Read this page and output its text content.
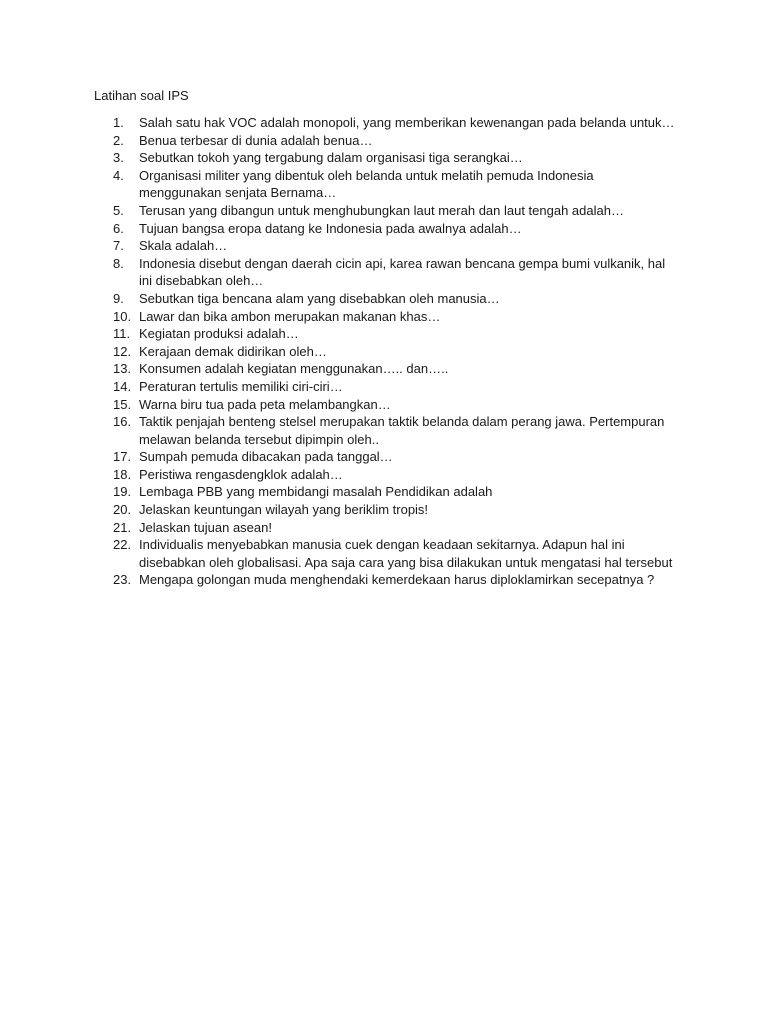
Latihan soal IPS
1. Salah satu hak VOC adalah monopoli, yang memberikan kewenangan pada belanda untuk…
2. Benua terbesar di dunia adalah benua…
3. Sebutkan tokoh yang tergabung dalam organisasi tiga serangkai…
4. Organisasi militer yang dibentuk oleh belanda untuk melatih pemuda Indonesia
menggunakan senjata Bernama…
5. Terusan yang dibangun untuk menghubungkan laut merah dan laut tengah adalah…
6. Tujuan bangsa eropa datang ke Indonesia pada awalnya adalah…
7. Skala adalah…
8. Indonesia disebut dengan daerah cicin api, karea rawan bencana gempa bumi vulkanik, hal
ini disebabkan oleh…
9. Sebutkan tiga bencana alam yang disebabkan oleh manusia…
10. Lawar dan bika ambon merupakan makanan khas…
11. Kegiatan produksi adalah…
12. Kerajaan demak didirikan oleh…
13. Konsumen adalah kegiatan menggunakan….. dan…..
14. Peraturan tertulis memiliki ciri-ciri…
15. Warna biru tua pada peta melambangkan…
16. Taktik penjajah benteng stelsel merupakan taktik belanda dalam perang jawa. Pertempuran
melawan belanda tersebut dipimpin oleh..
17. Sumpah pemuda dibacakan pada tanggal…
18. Peristiwa rengasdengklok adalah…
19. Lembaga PBB yang membidangi masalah Pendidikan adalah
20. Jelaskan keuntungan wilayah yang beriklim tropis!
21. Jelaskan tujuan asean!
22. Individualis menyebabkan manusia cuek dengan keadaan sekitarnya. Adapun hal ini
disebabkan oleh globalisasi. Apa saja cara yang bisa dilakukan untuk mengatasi hal tersebut
23. Mengapa golongan muda menghendaki kemerdekaan harus diploklamirkan secepatnya ?
